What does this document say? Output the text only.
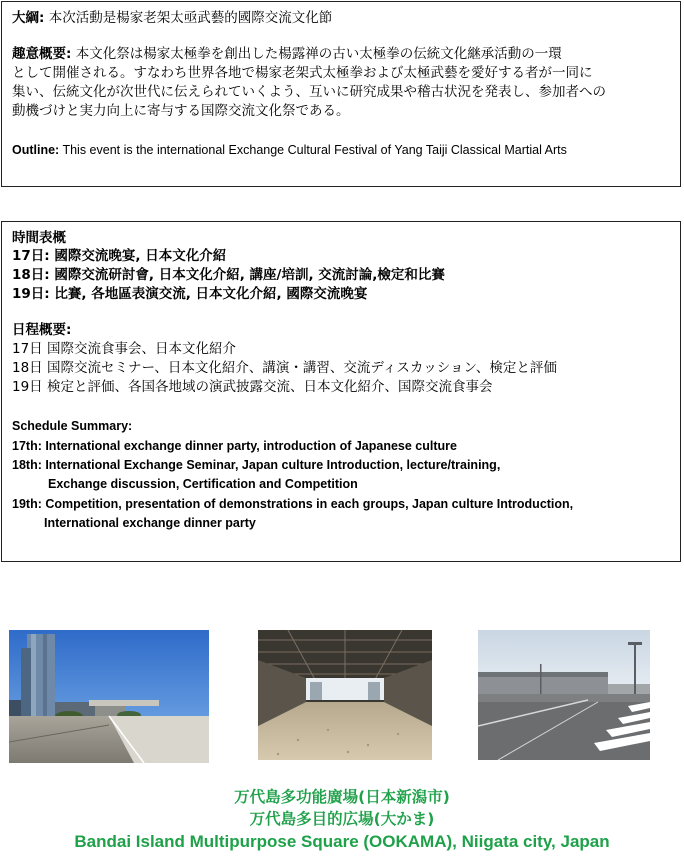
大綱: 本次活動是楊家老架太亟武藝的國際交流文化節
趣意概要: 本文化祭は楊家太極拳を創出した楊露禅の古い太極拳の伝統文化継承活動の一環
として開催される。すなわち世界各地で楊家老架式太極拳および太極武藝を愛好する者が一同に
集い、伝統文化が次世代に伝えられていくよう、互いに研究成果や稽古状況を発表し、参加者への
動機づけと実力向上に寄与する国際交流文化祭である。
Outline: This event is the international Exchange Cultural Festival of Yang Taiji Classical Martial Arts
時間表概
17日: 國際交流晚宴, 日本文化介紹
18日: 國際交流研討會, 日本文化介紹, 講座/培訓, 交流討論,檢定和比賽
19日: 比賽, 各地區表演交流, 日本文化介紹, 國際交流晚宴
日程概要:
17日 国際交流食事会、日本文化紹介
18日 国際交流セミナー、日本文化紹介、講演・講習、交流ディスカッション、検定と評価
19日 検定と評価、各国各地域の演武披露交流、日本文化紹介、国際交流食事会
Schedule Summary:
17th: International exchange dinner party, introduction of Japanese culture
18th: International Exchange Seminar, Japan culture Introduction, lecture/training,
Exchange discussion, Certification and Competition
19th: Competition, presentation of demonstrations in each groups, Japan culture Introduction,
International exchange dinner party
万代島多功能廣場(日本新潟市)
万代島多目的広場(大かま)
Bandai Island Multipurpose Square (OOKAMA), Niigata city, Japan
